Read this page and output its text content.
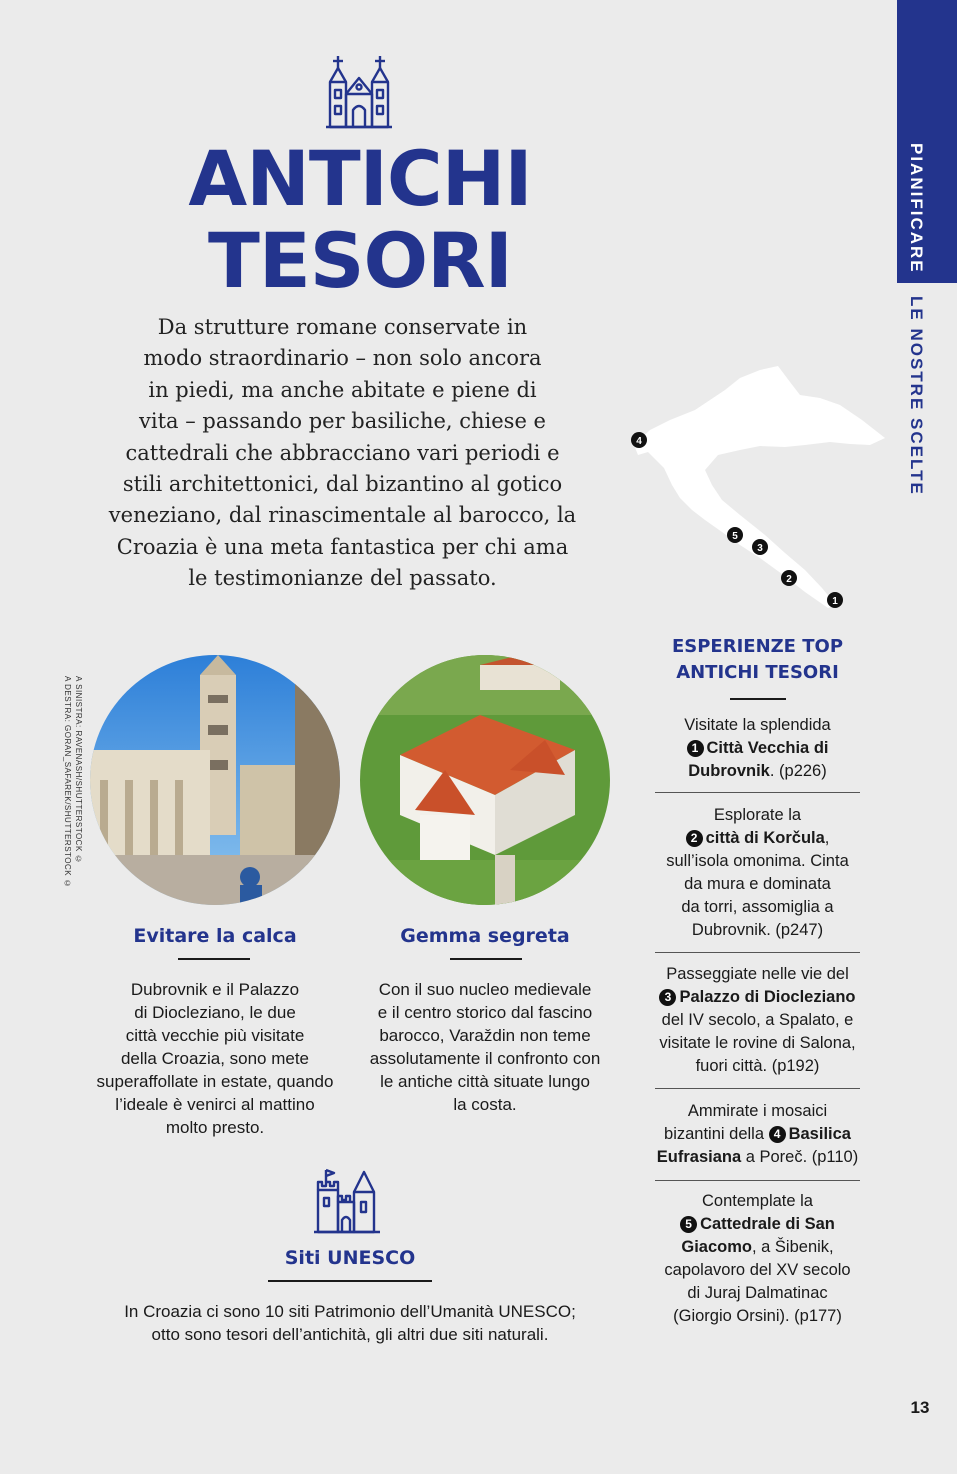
PIANIFICARE
LE NOSTRE SCELTE
ANTICHI
TESORI
Da strutture romane conservate in
modo straordinario – non solo ancora
in piedi, ma anche abitate e piene di
vita – passando per basiliche, chiese e
cattedrali che abbracciano vari periodi e
stili architettonici, dal bizantino al gotico
veneziano, dal rinascimentale al barocco, la
Croazia è una meta fantastica per chi ama
le testimonianze del passato.
4
5
3
2
1
A SINISTRA: RAVENASH/SHUTTERSTOCK ©
A DESTRA: GORAN_SAFAREK/SHUTTERSTOCK ©
Evitare la calca
Dubrovnik e il Palazzo
di Diocleziano, le due
città vecchie più visitate
della Croazia, sono mete
superaffollate in estate, quando
l’ideale è venirci al mattino
molto presto.
Gemma segreta
Con il suo nucleo medievale
e il centro storico dal fascino
barocco, Varaždin non teme
assolutamente il confronto con
le antiche città situate lungo
la costa.
Siti UNESCO
In Croazia ci sono 10 siti Patrimonio dell’Umanità UNESCO;
otto sono tesori dell’antichità, gli altri due siti naturali.
ESPERIENZE TOP
ANTICHI TESORI
Visitate la splendida
1 Città Vecchia di
Dubrovnik. (p226)
Esplorate la
2 città di Korčula,
sull’isola omonima. Cinta
da mura e dominata
da torri, assomiglia a
Dubrovnik. (p247)
Passeggiate nelle vie del
3 Palazzo di Diocleziano
del IV secolo, a Spalato, e
visitate le rovine di Salona,
fuori città. (p192)
Ammirate i mosaici
bizantini della 4 Basilica
Eufrasiana a Poreč. (p110)
Contemplate la
5 Cattedrale di San
Giacomo, a Šibenik,
capolavoro del XV secolo
di Juraj Dalmatinac
(Giorgio Orsini). (p177)
13
